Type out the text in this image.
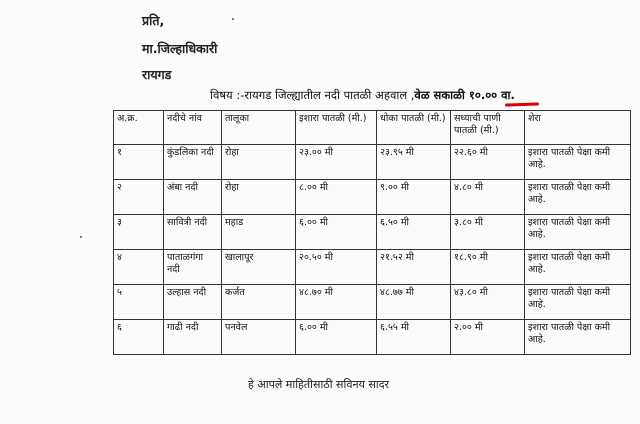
प्रति,
मा.जिल्हाधिकारी
रायगड
विषय :-रायगड जिल्ह्यातील नदी पातळी अहवाल ,वेळ सकाळी १०.०० वा.
अ.क्र.	नदीचे नांव	तालूका	इशारा पातळी (मी.)	धोका पातळी (मी.)	सध्याची पाणी पातळी (मी.)	शेरा
१	कुंडलिका नदी	रोहा	२३.०० मी	२३.९५ मी	२२.६० मी	इशारा पातळी पेक्षा कमी आहे.
२	अंबा नदी	रोहा	८.०० मी	९.०० मी	४.८० मी	इशारा पातळी पेक्षा कमी आहे.
३	सावित्री नदी	महाड	६.०० मी	६.५० मी	३.८० मी	इशारा पातळी पेक्षा कमी आहे.
४	पाताळगंगा नदी	खालापूर	२०.५० मी	२१.५२ मी	१८.९० मी	इशारा पातळी पेक्षा कमी आहे.
५	उल्हास नदी	कर्जत	४८.७० मी	४८.७७ मी	४३.८० मी	इशारा पातळी पेक्षा कमी आहे.
६	गाढी नदी	पनवेल	६.०० मी	६.५५ मी	२.०० मी	इशारा पातळी पेक्षा कमी आहे.
हे आपले माहितीसाठी सविनय सादर
